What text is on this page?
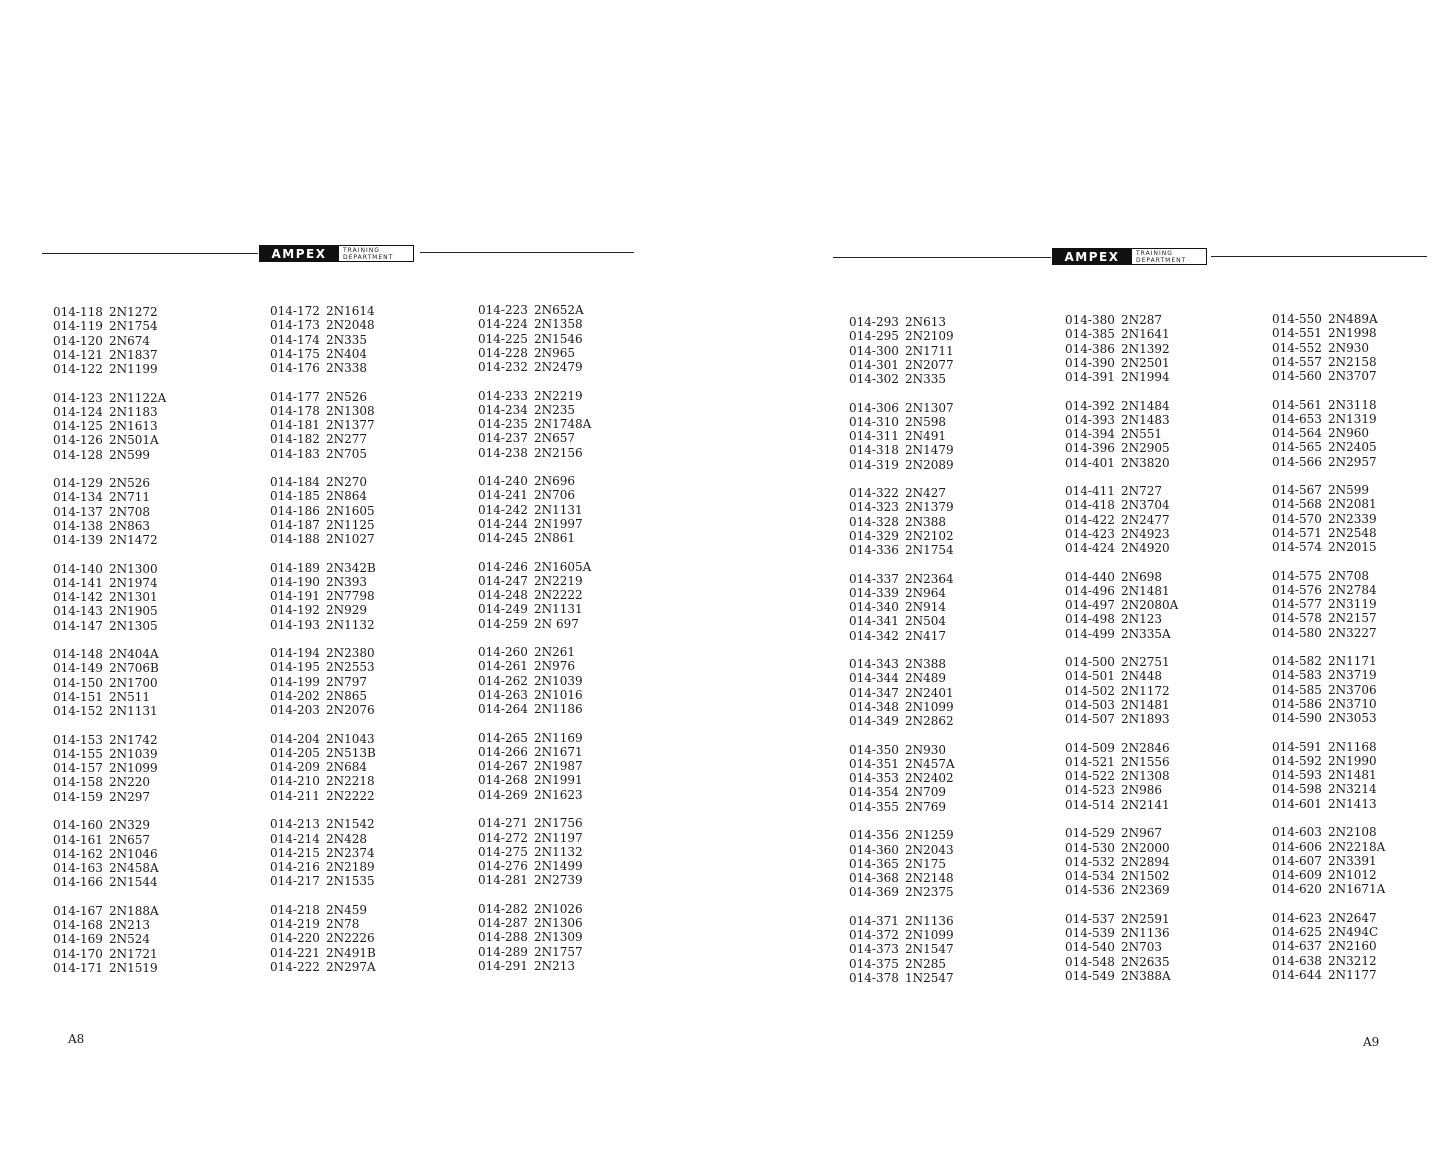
AMPEX	TRAINING
DEPARTMENT
014-118 2N1272
014-119 2N1754
014-120 2N674
014-121 2N1837
014-122 2N1199
014-123 2N1122A
014-124 2N1183
014-125 2N1613
014-126 2N501A
014-128 2N599
014-129 2N526
014-134 2N711
014-137 2N708
014-138 2N863
014-139 2N1472
014-140 2N1300
014-141 2N1974
014-142 2N1301
014-143 2N1905
014-147 2N1305
014-148 2N404A
014-149 2N706B
014-150 2N1700
014-151 2N511
014-152 2N1131
014-153 2N1742
014-155 2N1039
014-157 2N1099
014-158 2N220
014-159 2N297
014-160 2N329
014-161 2N657
014-162 2N1046
014-163 2N458A
014-166 2N1544
014-167 2N188A
014-168 2N213
014-169 2N524
014-170 2N1721
014-171 2N1519
014-172 2N1614
014-173 2N2048
014-174 2N335
014-175 2N404
014-176 2N338
014-177 2N526
014-178 2N1308
014-181 2N1377
014-182 2N277
014-183 2N705
014-184 2N270
014-185 2N864
014-186 2N1605
014-187 2N1125
014-188 2N1027
014-189 2N342B
014-190 2N393
014-191 2N7798
014-192 2N929
014-193 2N1132
014-194 2N2380
014-195 2N2553
014-199 2N797
014-202 2N865
014-203 2N2076
014-204 2N1043
014-205 2N513B
014-209 2N684
014-210 2N2218
014-211 2N2222
014-213 2N1542
014-214 2N428
014-215 2N2374
014-216 2N2189
014-217 2N1535
014-218 2N459
014-219 2N78
014-220 2N2226
014-221 2N491B
014-222 2N297A
014-223 2N652A
014-224 2N1358
014-225 2N1546
014-228 2N965
014-232 2N2479
014-233 2N2219
014-234 2N235
014-235 2N1748A
014-237 2N657
014-238 2N2156
014-240 2N696
014-241 2N706
014-242 2N1131
014-244 2N1997
014-245 2N861
014-246 2N1605A
014-247 2N2219
014-248 2N2222
014-249 2N1131
014-259 2N 697
014-260 2N261
014-261 2N976
014-262 2N1039
014-263 2N1016
014-264 2N1186
014-265 2N1169
014-266 2N1671
014-267 2N1987
014-268 2N1991
014-269 2N1623
014-271 2N1756
014-272 2N1197
014-275 2N1132
014-276 2N1499
014-281 2N2739
014-282 2N1026
014-287 2N1306
014-288 2N1309
014-289 2N1757
014-291 2N213
A8
AMPEX	TRAINING
DEPARTMENT
014-293 2N613
014-295 2N2109
014-300 2N1711
014-301 2N2077
014-302 2N335
014-306 2N1307
014-310 2N598
014-311 2N491
014-318 2N1479
014-319 2N2089
014-322 2N427
014-323 2N1379
014-328 2N388
014-329 2N2102
014-336 2N1754
014-337 2N2364
014-339 2N964
014-340 2N914
014-341 2N504
014-342 2N417
014-343 2N388
014-344 2N489
014-347 2N2401
014-348 2N1099
014-349 2N2862
014-350 2N930
014-351 2N457A
014-353 2N2402
014-354 2N709
014-355 2N769
014-356 2N1259
014-360 2N2043
014-365 2N175
014-368 2N2148
014-369 2N2375
014-371 2N1136
014-372 2N1099
014-373 2N1547
014-375 2N285
014-378 1N2547
014-380 2N287
014-385 2N1641
014-386 2N1392
014-390 2N2501
014-391 2N1994
014-392 2N1484
014-393 2N1483
014-394 2N551
014-396 2N2905
014-401 2N3820
014-411 2N727
014-418 2N3704
014-422 2N2477
014-423 2N4923
014-424 2N4920
014-440 2N698
014-496 2N1481
014-497 2N2080A
014-498 2N123
014-499 2N335A
014-500 2N2751
014-501 2N448
014-502 2N1172
014-503 2N1481
014-507 2N1893
014-509 2N2846
014-521 2N1556
014-522 2N1308
014-523 2N986
014-514 2N2141
014-529 2N967
014-530 2N2000
014-532 2N2894
014-534 2N1502
014-536 2N2369
014-537 2N2591
014-539 2N1136
014-540 2N703
014-548 2N2635
014-549 2N388A
014-550 2N489A
014-551 2N1998
014-552 2N930
014-557 2N2158
014-560 2N3707
014-561 2N3118
014-653 2N1319
014-564 2N960
014-565 2N2405
014-566 2N2957
014-567 2N599
014-568 2N2081
014-570 2N2339
014-571 2N2548
014-574 2N2015
014-575 2N708
014-576 2N2784
014-577 2N3119
014-578 2N2157
014-580 2N3227
014-582 2N1171
014-583 2N3719
014-585 2N3706
014-586 2N3710
014-590 2N3053
014-591 2N1168
014-592 2N1990
014-593 2N1481
014-598 2N3214
014-601 2N1413
014-603 2N2108
014-606 2N2218A
014-607 2N3391
014-609 2N1012
014-620 2N1671A
014-623 2N2647
014-625 2N494C
014-637 2N2160
014-638 2N3212
014-644 2N1177
A9
